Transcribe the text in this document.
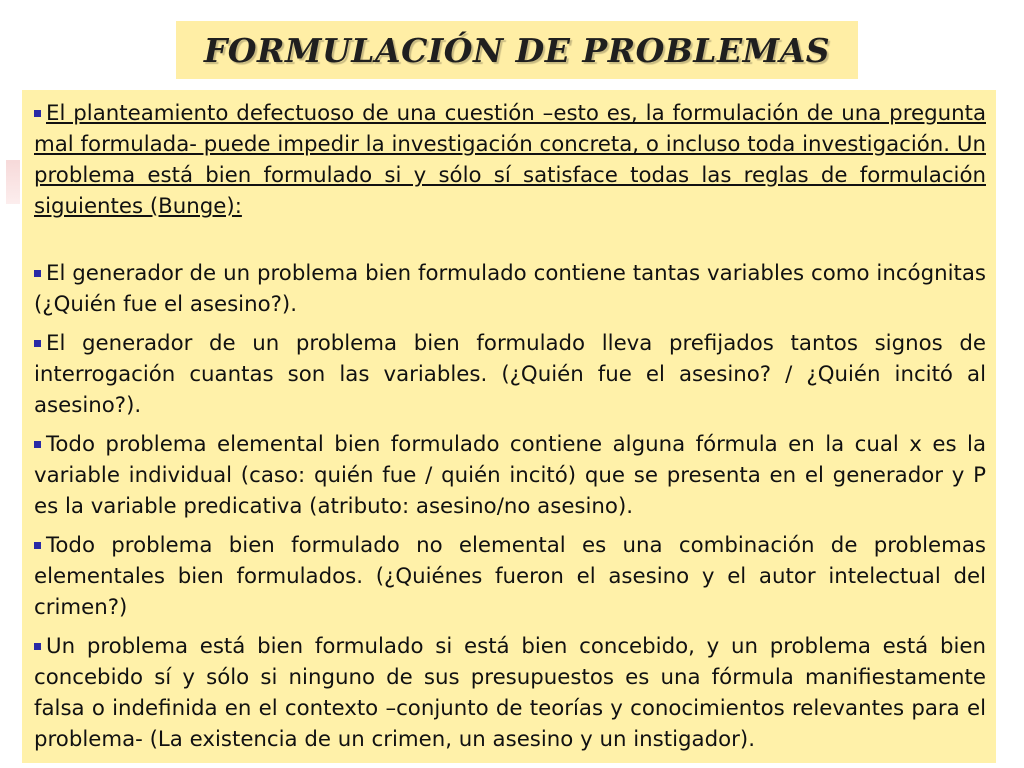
FORMULACIÓN DE PROBLEMAS

El planteamiento defectuoso de una cuestión –esto es, la formulación de una pregunta mal formulada- puede impedir la investigación concreta, o incluso toda investigación. Un problema está bien formulado si y sólo sí satisface todas las reglas de formulación siguientes (Bunge):

El generador de un problema bien formulado contiene tantas variables como incógnitas (¿Quién fue el asesino?).

El generador de un problema bien formulado lleva prefijados tantos signos de interrogación cuantas son las variables. (¿Quién fue el asesino? / ¿Quién incitó al asesino?).

Todo problema elemental bien formulado contiene alguna fórmula en la cual x es la variable individual (caso: quién fue / quién incitó) que se presenta en el generador y P es la variable predicativa (atributo: asesino/no asesino).

Todo problema bien formulado no elemental es una combinación de problemas elementales bien formulados. (¿Quiénes fueron el asesino y el autor intelectual del crimen?)

Un problema está bien formulado si está bien concebido, y un problema está bien concebido sí y sólo si ninguno de sus presupuestos es una fórmula manifiestamente falsa o indefinida en el contexto –conjunto de teorías y conocimientos relevantes para el problema- (La existencia de un crimen, un asesino y un instigador).
